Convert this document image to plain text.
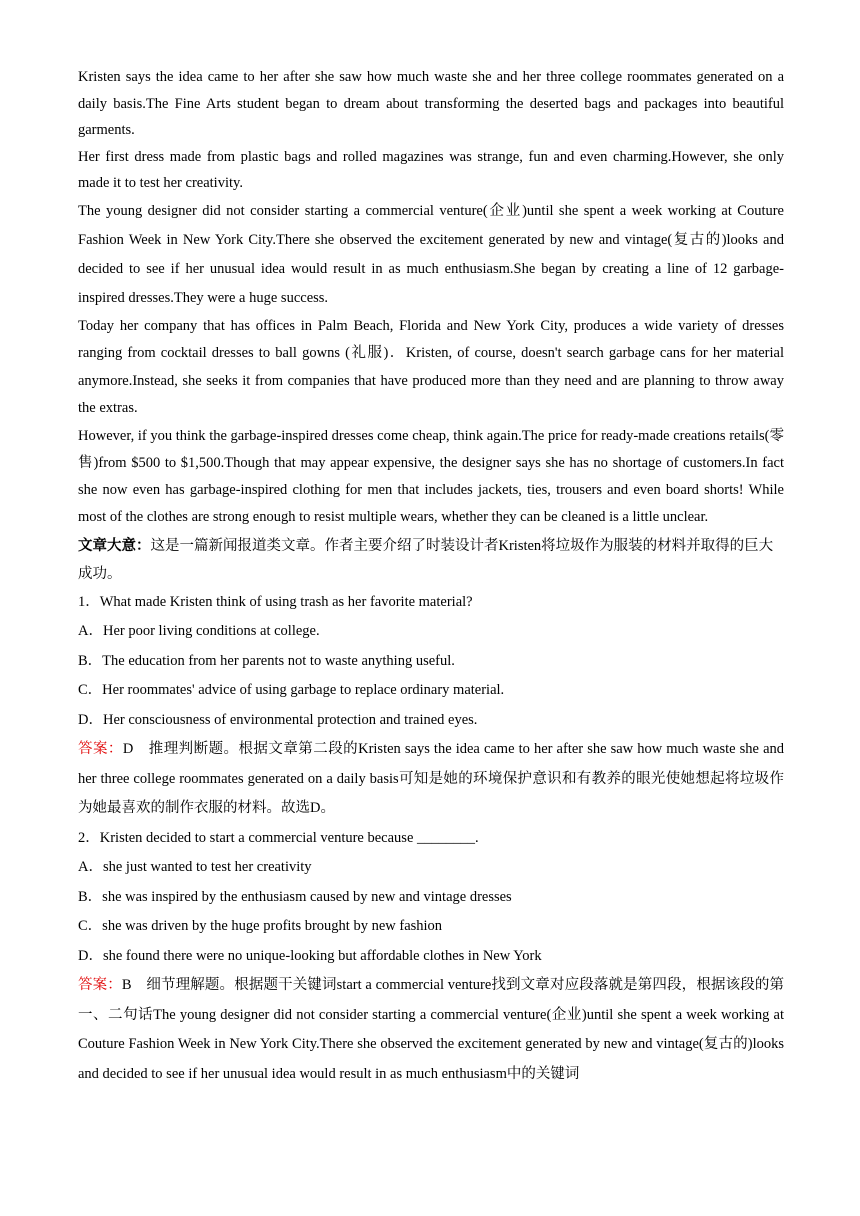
Kristen says the idea came to her after she saw how much waste she and her three college roommates generated on a daily basis.The Fine Arts student began to dream about transforming the deserted bags and packages into beautiful garments.

Her first dress made from plastic bags and rolled magazines was strange, fun and even charming.However, she only made it to test her creativity.

The young designer did not consider starting a commercial venture(企业)until she spent a week working at Couture Fashion Week in New York City.There she observed the excitement generated by new and vintage(复古的)looks and decided to see if her unusual idea would result in as much enthusiasm.She began by creating a line of 12 garbage-inspired dresses.They were a huge success.

Today her company that has offices in Palm Beach, Florida and New York City, produces a wide variety of dresses ranging from cocktail dresses to ball gowns (礼服)．Kristen, of course, doesn't search garbage cans for her material anymore.Instead, she seeks it from companies that have produced more than they need and are planning to throw away the extras.

However, if you think the garbage-inspired dresses come cheap, think again.The price for ready-made creations retails(零售)from $500 to $1,500.Though that may appear expensive, the designer says she has no shortage of customers.In fact she now even has garbage-inspired clothing for men that includes jackets, ties, trousers and even board shorts! While most of the clothes are strong enough to resist multiple wears, whether they can be cleaned is a little unclear.

文章大意：这是一篇新闻报道类文章。作者主要介绍了时装设计者Kristen将垃圾作为服装的材料并取得的巨大成功。

1．What made Kristen think of using trash as her favorite material?

A．Her poor living conditions at college.

B．The education from her parents not to waste anything useful.

C．Her roommates' advice of using garbage to replace ordinary material.

D．Her consciousness of environmental protection and trained eyes.

答案：D　推理判断题。根据文章第二段的Kristen says the idea came to her after she saw how much waste she and her three college roommates generated on a daily basis可知是她的环境保护意识和有教养的眼光使她想起将垃圾作为她最喜欢的制作衣服的材料。故选D。

2．Kristen decided to start a commercial venture because ________.

A．she just wanted to test her creativity

B．she was inspired by the enthusiasm caused by new and vintage dresses

C．she was driven by the huge profits brought by new fashion

D．she found there were no unique-looking but affordable clothes in New York

答案：B　细节理解题。根据题干关键词start a commercial venture找到文章对应段落就是第四段，根据该段的第一、二句话The young designer did not consider starting a commercial venture(企业)until she spent a week working at Couture Fashion Week in New York City.There she observed the excitement generated by new and vintage(复古的)looks and decided to see if her unusual idea would result in as much enthusiasm中的关键词
